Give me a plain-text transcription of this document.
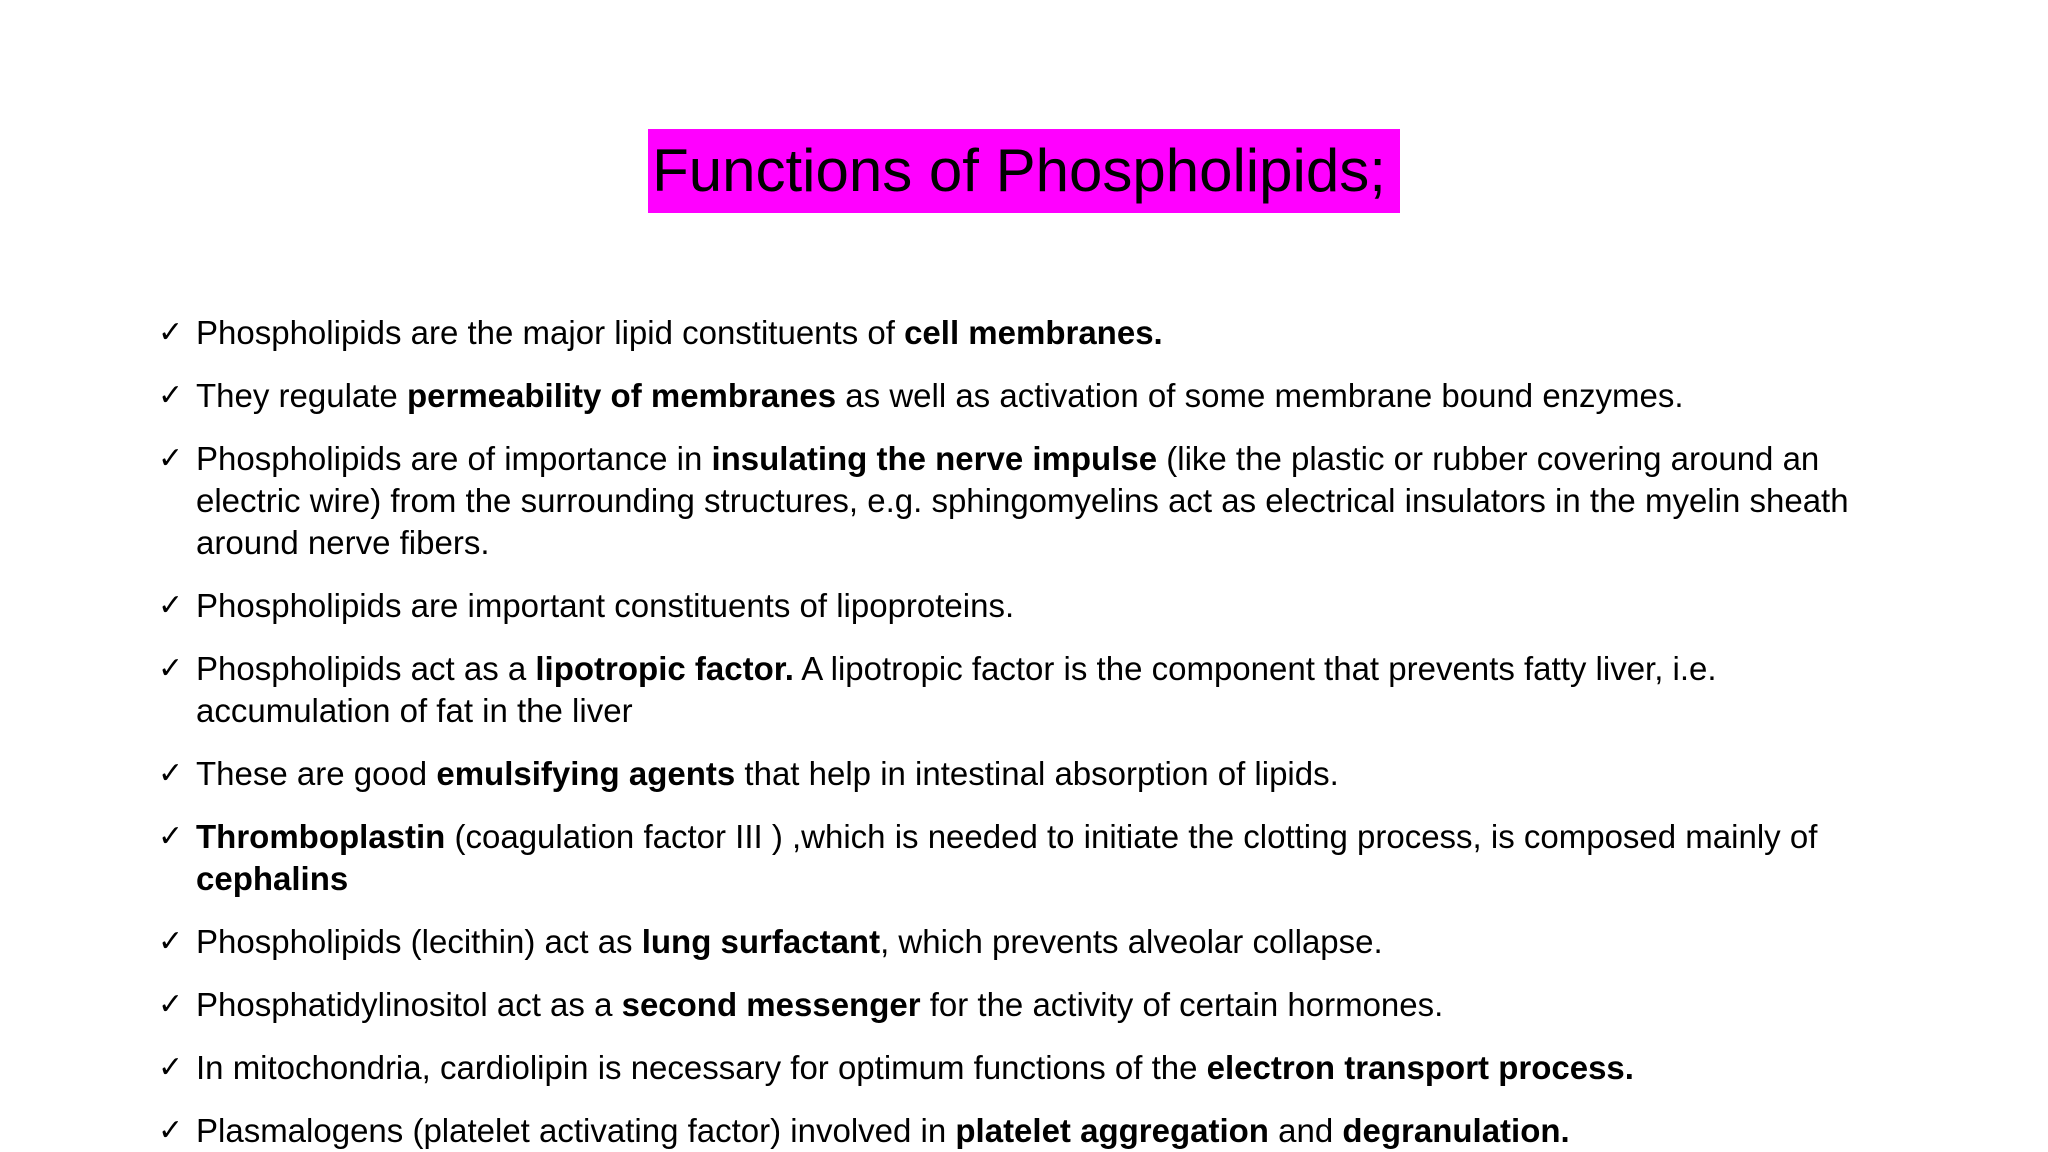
Functions of Phospholipids;
✓ Phospholipids are the major lipid constituents of cell membranes.
✓ They regulate permeability of membranes as well as activation of some membrane bound enzymes.
✓ Phospholipids are of importance in insulating the nerve impulse (like the plastic or rubber covering around an electric wire) from the surrounding structures, e.g. sphingomyelins act as electrical insulators in the myelin sheath around nerve fibers.
✓ Phospholipids are important constituents of lipoproteins.
✓ Phospholipids act as a lipotropic factor. A lipotropic factor is the component that prevents fatty liver, i.e. accumulation of fat in the liver
✓ These are good emulsifying agents that help in intestinal absorption of lipids.
✓ Thromboplastin (coagulation factor III ) ,which is needed to initiate the clotting process, is composed mainly of cephalins
✓ Phospholipids (lecithin) act as lung surfactant, which prevents alveolar collapse.
✓ Phosphatidylinositol act as a second messenger for the activity of certain hormones.
✓ In mitochondria, cardiolipin is necessary for optimum functions of the electron transport process.
✓ Plasmalogens (platelet activating factor) involved in platelet aggregation and degranulation.
